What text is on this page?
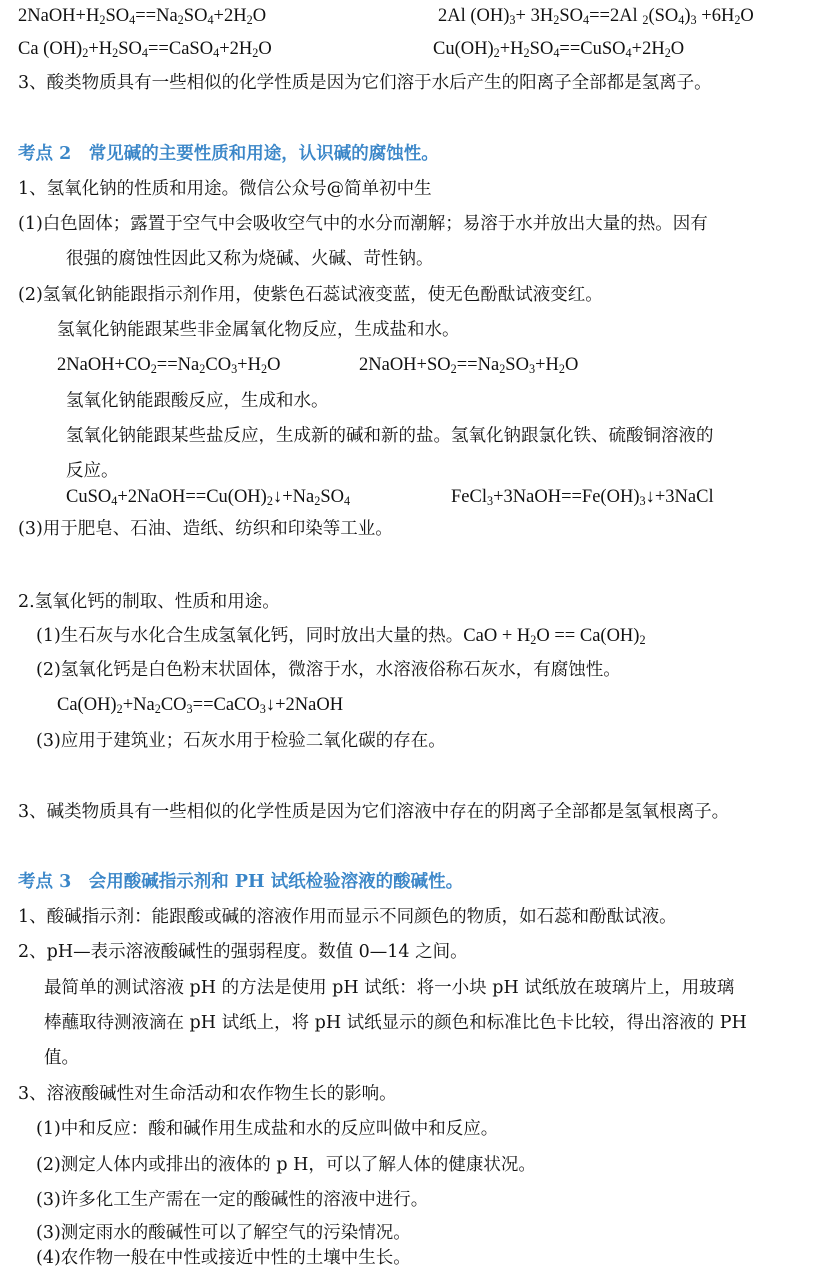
$2NaOH+H_2SO_4==Na_2SO_4+2H_2O$	2Al $(OH)_3+ 3H_2SO_4==2Al$ $_2(SO_4)_3 +6H_2O$
Ca $(OH)_2+H_2SO_4==CaSO_4+2H_2O$	$Cu(OH)_2+H_2SO_4==CuSO_4+2H_2O$
3、酸类物质具有一些相似的化学性质是因为它们溶于水后产生的阳离子全部都是氢离子。
考点 2　常见碱的主要性质和用途，认识碱的腐蚀性。
1、氢氧化钠的性质和用途。微信公众号@简单初中生
(1)白色固体；露置于空气中会吸收空气中的水分而潮解；易溶于水并放出大量的热。因有
很强的腐蚀性因此又称为烧碱、火碱、苛性钠。
(2)氢氧化钠能跟指示剂作用，使紫色石蕊试液变蓝，使无色酚酞试液变红。
氢氧化钠能跟某些非金属氧化物反应，生成盐和水。
$2NaOH+CO_2==Na_2CO_3+H_2O$	$2NaOH+SO_2==Na_2SO_3+H_2O$
氢氧化钠能跟酸反应，生成和水。
氢氧化钠能跟某些盐反应，生成新的碱和新的盐。氢氧化钠跟氯化铁、硫酸铜溶液的
反应。
$CuSO_4+2NaOH==Cu(OH)_2↓+Na_2SO_4$	$FeCl_3+3NaOH==Fe(OH)_3↓+3NaCl$
(3)用于肥皂、石油、造纸、纺织和印染等工业。
2.氢氧化钙的制取、性质和用途。
(1)生石灰与水化合生成氢氧化钙，同时放出大量的热。CaO + $H_2O == Ca(OH)_2$
(2)氢氧化钙是白色粉末状固体，微溶于水，水溶液俗称石灰水，有腐蚀性。
$Ca(OH)_2+Na_2CO_3==CaCO_3↓+2NaOH$
(3)应用于建筑业；石灰水用于检验二氧化碳的存在。
3、碱类物质具有一些相似的化学性质是因为它们溶液中存在的阴离子全部都是氢氧根离子。
考点 3　会用酸碱指示剂和 PH 试纸检验溶液的酸碱性。
1、酸碱指示剂：能跟酸或碱的溶液作用而显示不同颜色的物质，如石蕊和酚酞试液。
2、pH—表示溶液酸碱性的强弱程度。数值 0—14 之间。
最简单的测试溶液 pH 的方法是使用 pH 试纸：将一小块 pH 试纸放在玻璃片上，用玻璃
棒蘸取待测液滴在 pH 试纸上，将 pH 试纸显示的颜色和标准比色卡比较，得出溶液的 PH
值。
3、溶液酸碱性对生命活动和农作物生长的影响。
(1)中和反应：酸和碱作用生成盐和水的反应叫做中和反应。
(2)测定人体内或排出的液体的 p H，可以了解人体的健康状况。
(3)许多化工生产需在一定的酸碱性的溶液中进行。
(3)测定雨水的酸碱性可以了解空气的污染情况。
(4)农作物一般在中性或接近中性的土壤中生长。
